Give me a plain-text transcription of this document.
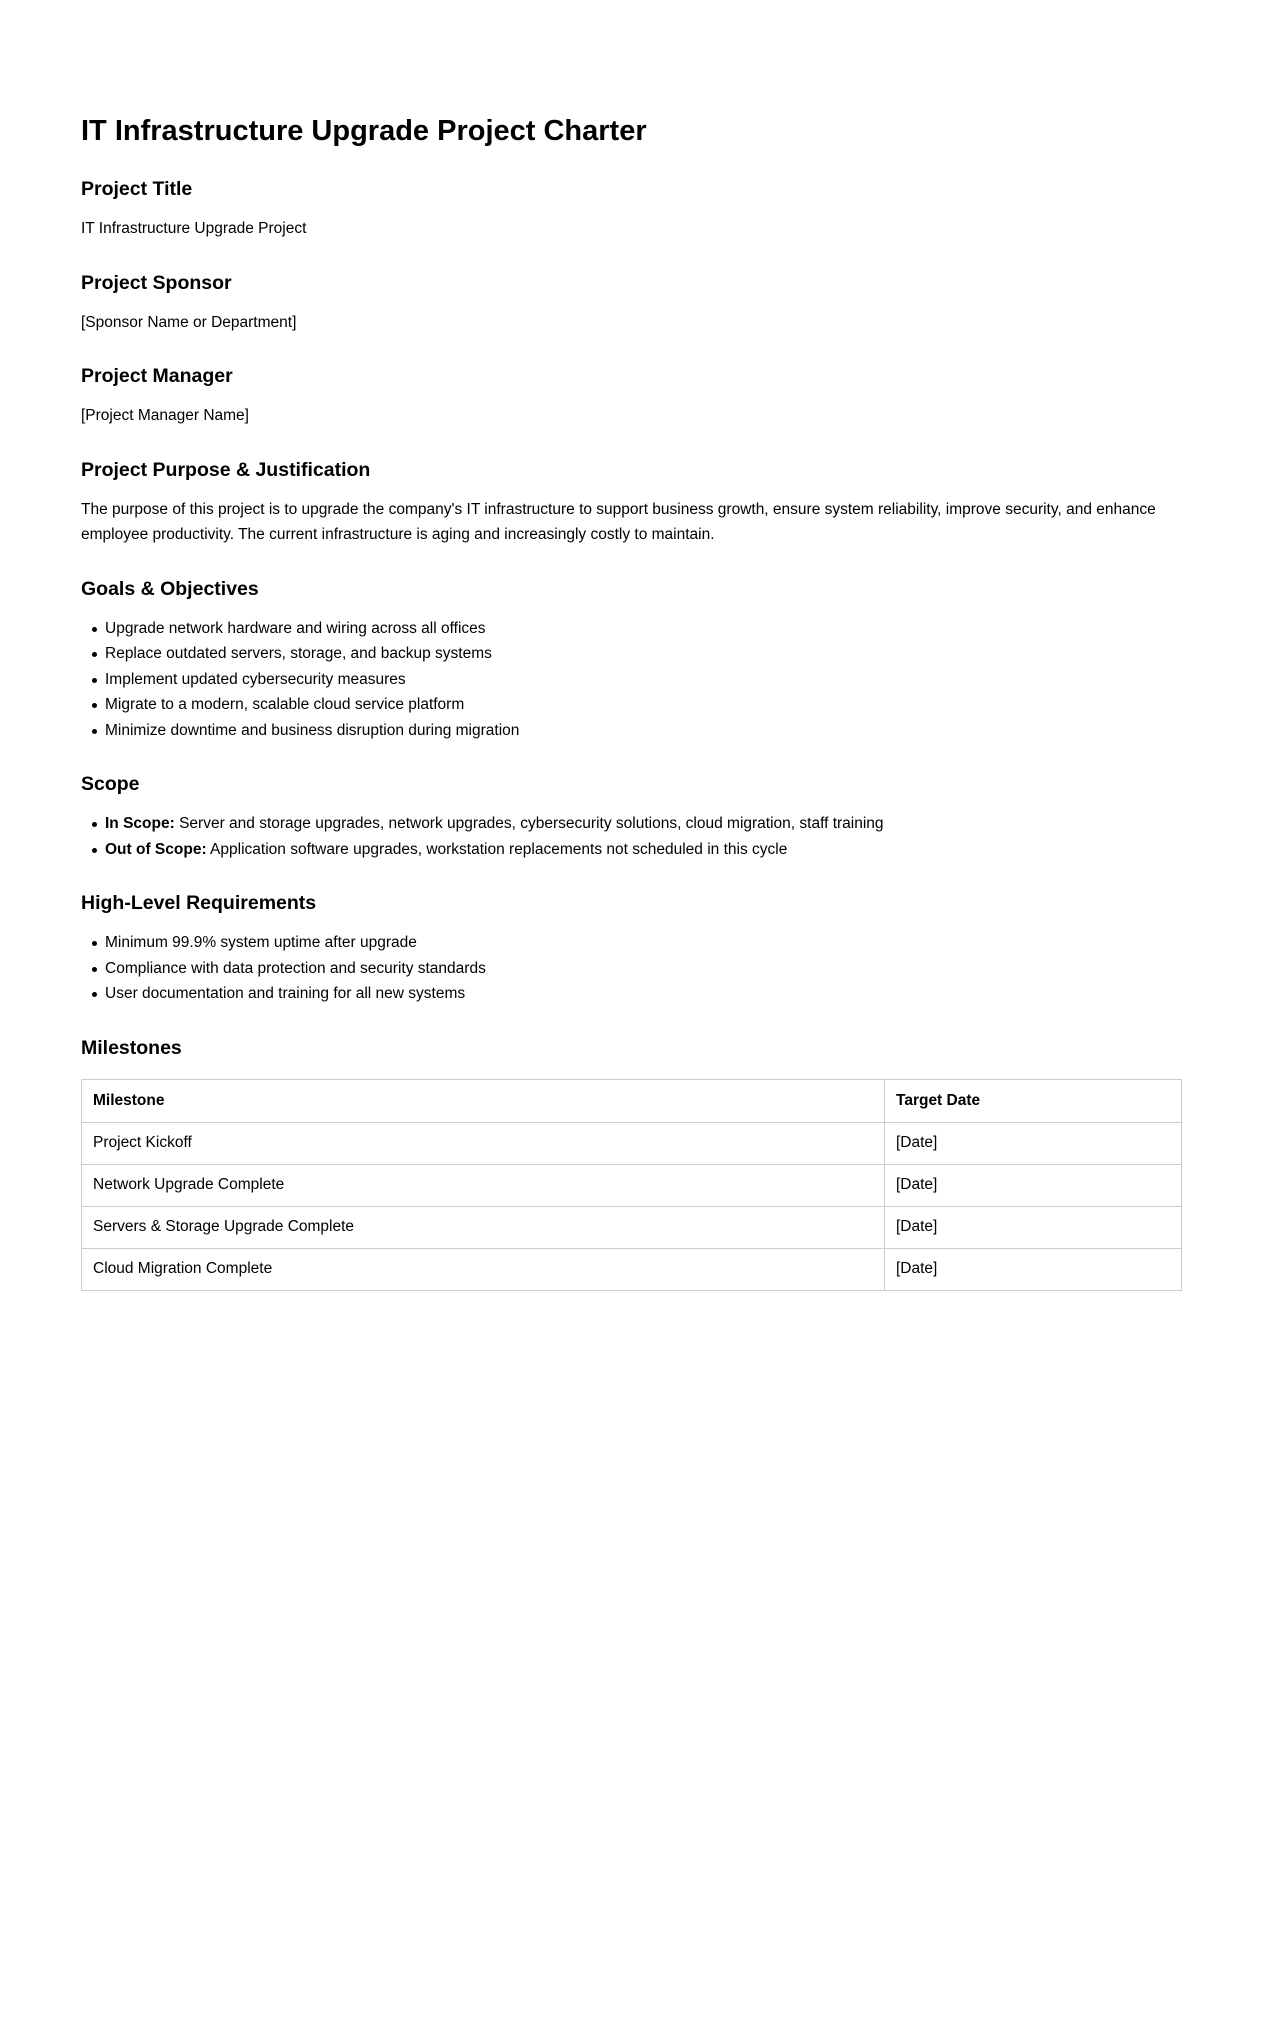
IT Infrastructure Upgrade Project Charter
Project Title

IT Infrastructure Upgrade Project

Project Sponsor

[Sponsor Name or Department]

Project Manager

[Project Manager Name]

Project Purpose & Justification

The purpose of this project is to upgrade the company's IT infrastructure to support business growth, ensure system reliability, improve security, and enhance employee productivity. The current infrastructure is aging and increasingly costly to maintain.

Goals & Objectives
Upgrade network hardware and wiring across all offices
Replace outdated servers, storage, and backup systems
Implement updated cybersecurity measures
Migrate to a modern, scalable cloud service platform
Minimize downtime and business disruption during migration
Scope
In Scope: Server and storage upgrades, network upgrades, cybersecurity solutions, cloud migration, staff training
Out of Scope: Application software upgrades, workstation replacements not scheduled in this cycle
High-Level Requirements
Minimum 99.9% system uptime after upgrade
Compliance with data protection and security standards
User documentation and training for all new systems
Milestones
Milestone	Target Date
Project Kickoff	[Date]
Network Upgrade Complete	[Date]
Servers & Storage Upgrade Complete	[Date]
Cloud Migration Complete	[Date]
